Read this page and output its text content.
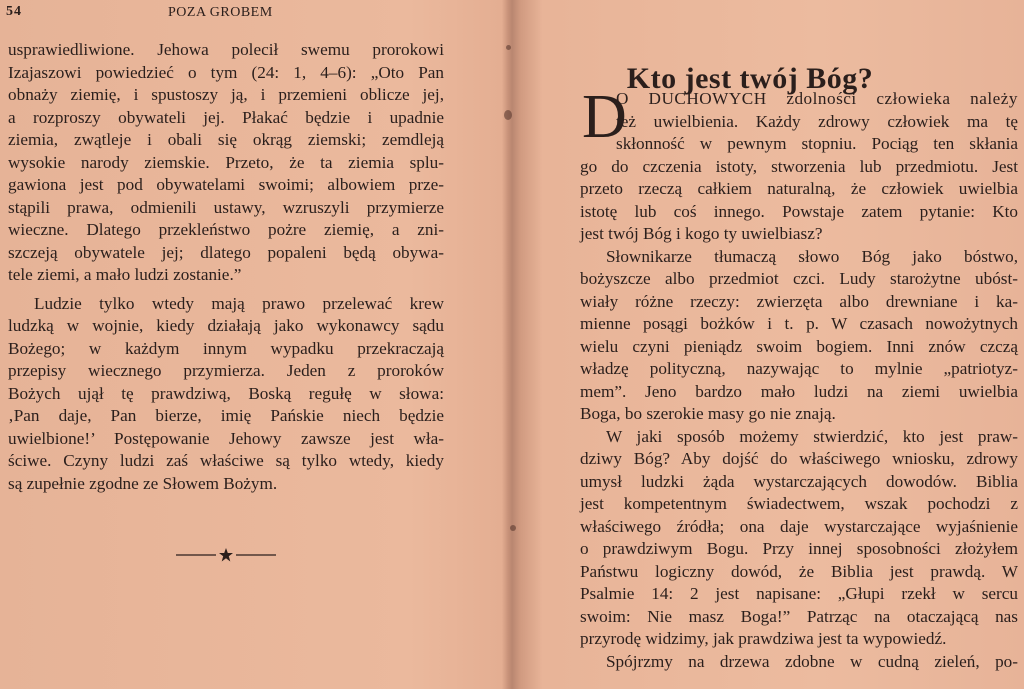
54	POZA GROBEM
usprawiedliwione. Jehowa polecił swemu prorokowi
Izajaszowi powiedzieć o tym (24: 1, 4–6): „Oto Pan
obnaży ziemię, i spustoszy ją, i przemieni oblicze jej,
a rozproszy obywateli jej. Płakać będzie i upadnie
ziemia, zwątleje i obali się okrąg ziemski; zemdleją
wysokie narody ziemskie. Przeto, że ta ziemia splu-
gawiona jest pod obywatelami swoimi; albowiem prze-
stąpili prawa, odmienili ustawy, wzruszyli przymierze
wieczne. Dlatego przekleństwo pożre ziemię, a zni-
szczeją obywatele jej; dlatego popaleni będą obywa-
tele ziemi, a mało ludzi zostanie.”
Ludzie tylko wtedy mają prawo przelewać krew
ludzką w wojnie, kiedy działają jako wykonawcy sądu
Bożego; w każdym innym wypadku przekraczają
przepisy wiecznego przymierza. Jeden z proroków
Bożych ujął tę prawdziwą, Boską regułę w słowa:
‚Pan daje, Pan bierze, imię Pańskie niech będzie
uwielbione!’ Postępowanie Jehowy zawsze jest wła-
ściwe. Czyny ludzi zaś właściwe są tylko wtedy, kiedy
są zupełnie zgodne ze Słowem Bożym.
Kto jest twój Bóg?
D
O DUCHOWYCH zdolności człowieka należy
też uwielbienia. Każdy zdrowy człowiek ma tę
skłonność w pewnym stopniu. Pociąg ten skłania
go do czczenia istoty, stworzenia lub przedmiotu. Jest
przeto rzeczą całkiem naturalną, że człowiek uwielbia
istotę lub coś innego. Powstaje zatem pytanie: Kto
jest twój Bóg i kogo ty uwielbiasz?
Słownikarze tłumaczą słowo Bóg jako bóstwo,
bożyszcze albo przedmiot czci. Ludy starożytne ubóst-
wiały różne rzeczy: zwierzęta albo drewniane i ka-
mienne posągi bożków i t. p. W czasach nowożytnych
wielu czyni pieniądz swoim bogiem. Inni znów czczą
władzę polityczną, nazywając to mylnie „patriotyz-
mem”. Jeno bardzo mało ludzi na ziemi uwielbia
Boga, bo szerokie masy go nie znają.
W jaki sposób możemy stwierdzić, kto jest praw-
dziwy Bóg? Aby dojść do właściwego wniosku, zdrowy
umysł ludzki żąda wystarczających dowodów. Biblia
jest kompetentnym świadectwem, wszak pochodzi z
właściwego źródła; ona daje wystarczające wyjaśnienie
o prawdziwym Bogu. Przy innej sposobności złożyłem
Państwu logiczny dowód, że Biblia jest prawdą. W
Psalmie 14: 2 jest napisane: „Głupi rzekł w sercu
swoim: Nie masz Boga!” Patrząc na otaczającą nas
przyrodę widzimy, jak prawdziwa jest ta wypowiedź.
Spójrzmy na drzewa zdobne w cudną zieleń, po-
